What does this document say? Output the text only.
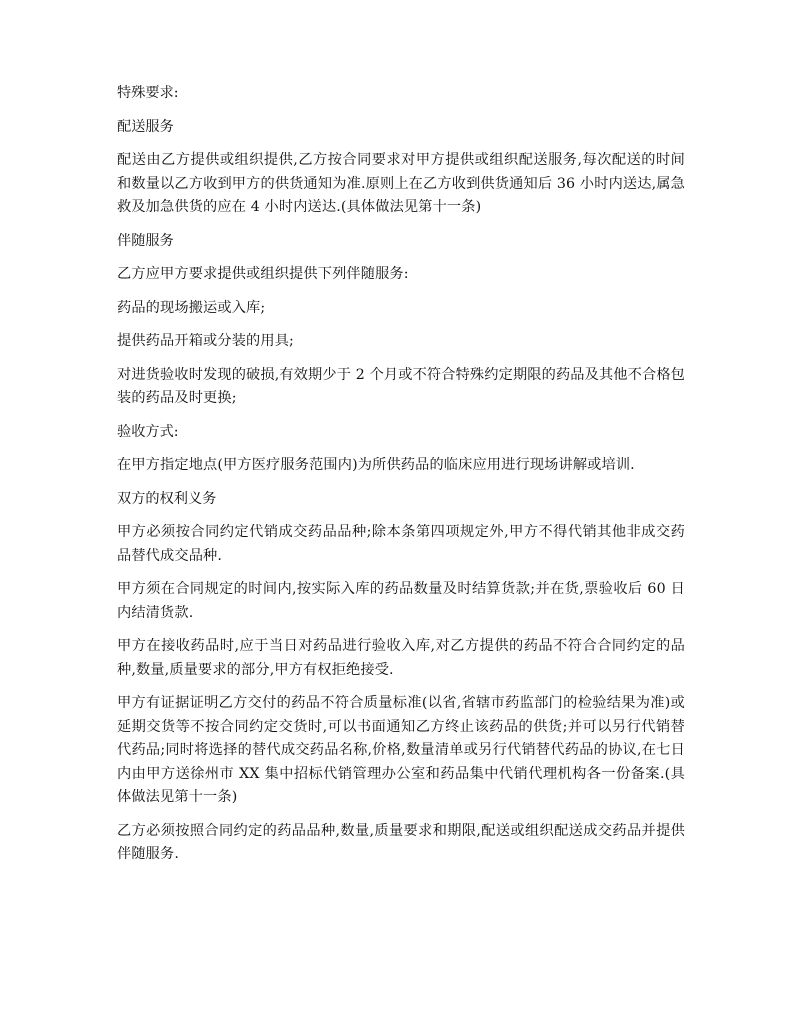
特殊要求:

配送服务

配送由乙方提供或组织提供,乙方按合同要求对甲方提供或组织配送服务,每次配送的时间和数量以乙方收到甲方的供货通知为准.原则上在乙方收到供货通知后 36 小时内送达,属急救及加急供货的应在 4 小时内送达.(具体做法见第十一条)

伴随服务

乙方应甲方要求提供或组织提供下列伴随服务:

药品的现场搬运或入库;

提供药品开箱或分装的用具;

对进货验收时发现的破损,有效期少于 2 个月或不符合特殊约定期限的药品及其他不合格包装的药品及时更换;

验收方式:

在甲方指定地点(甲方医疗服务范围内)为所供药品的临床应用进行现场讲解或培训.

双方的权利义务

甲方必须按合同约定代销成交药品品种;除本条第四项规定外,甲方不得代销其他非成交药品替代成交品种.

甲方须在合同规定的时间内,按实际入库的药品数量及时结算货款;并在货,票验收后 60 日内结清货款.

甲方在接收药品时,应于当日对药品进行验收入库,对乙方提供的药品不符合合同约定的品种,数量,质量要求的部分,甲方有权拒绝接受.

甲方有证据证明乙方交付的药品不符合质量标准(以省,省辖市药监部门的检验结果为准)或延期交货等不按合同约定交货时,可以书面通知乙方终止该药品的供货;并可以另行代销替代药品;同时将选择的替代成交药品名称,价格,数量清单或另行代销替代药品的协议,在七日内由甲方送徐州市 XX 集中招标代销管理办公室和药品集中代销代理机构各一份备案.(具体做法见第十一条)

乙方必须按照合同约定的药品品种,数量,质量要求和期限,配送或组织配送成交药品并提供伴随服务.
